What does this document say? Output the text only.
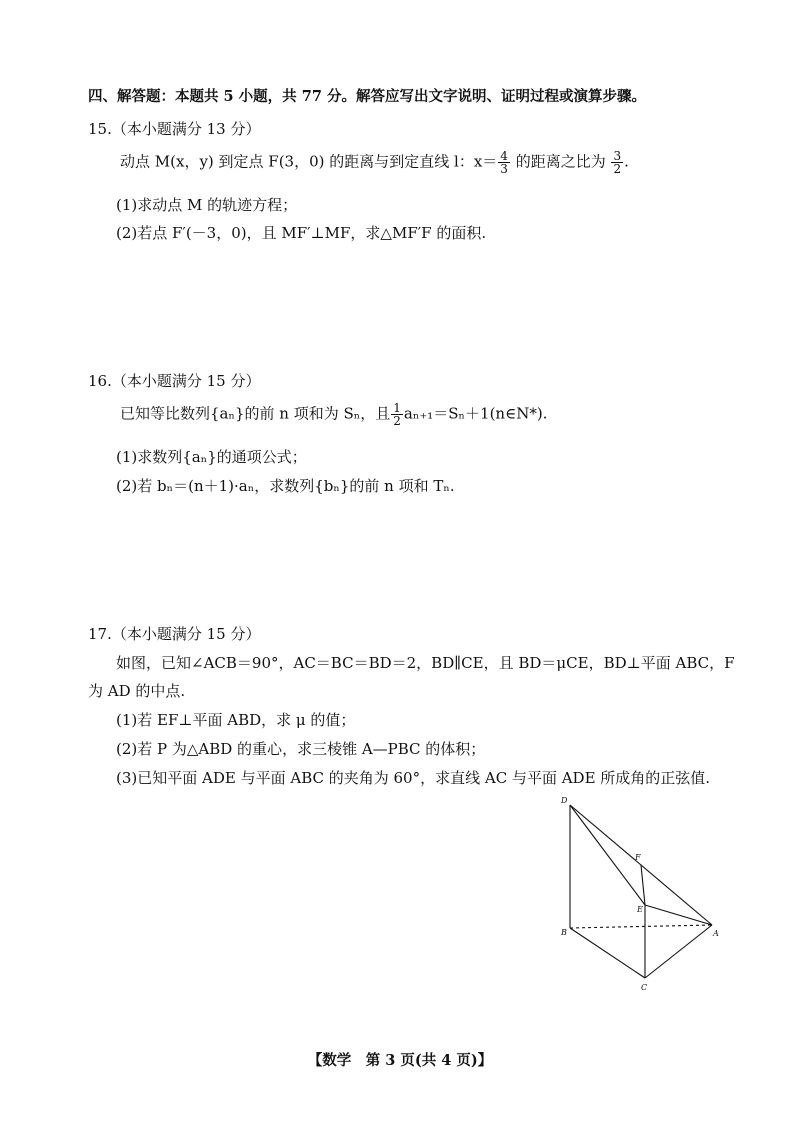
四、解答题：本题共 5 小题，共 77 分。解答应写出文字说明、证明过程或演算步骤。
15.（本小题满分 13 分）
动点 M(x，y) 到定点 F(3，0) 的距离与到定直线 l：$x= \frac{4}{3}$ 的距离之比为 $\frac{3}{2}$ .
(1)求动点 M 的轨迹方程；
(2)若点 F′(－3，0)，且 MF′⊥MF，求△MF′F 的面积.
16.（本小题满分 15 分）
已知等比数列{aₙ}的前 n 项和为 Sₙ，且 $\frac{1}{2}$ aₙ₊₁＝Sₙ＋1(n∈N*).
(1)求数列{aₙ}的通项公式；
(2)若 bₙ＝(n＋1)·aₙ，求数列{bₙ}的前 n 项和 Tₙ.
17.（本小题满分 15 分）
如图，已知∠ACB＝90°，AC＝BC＝BD＝2，BD∥CE，且 BD＝μCE，BD⊥平面 ABC，F
为 AD 的中点.
(1)若 EF⊥平面 ABD，求 μ 的值；
(2)若 P 为△ABD 的重心，求三棱锥 A—PBC 的体积；
(3)已知平面 ADE 与平面 ABC 的夹角为 60°，求直线 AC 与平面 ADE 所成角的正弦值.
D
F
E
B	A
C
【数学　第 3 页(共 4 页)】
